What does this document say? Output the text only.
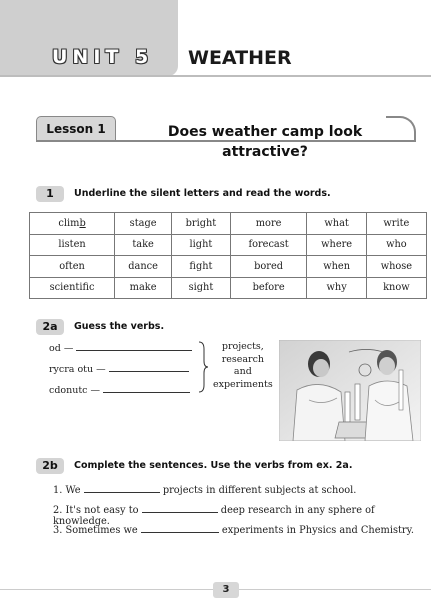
UNIT 5 WEATHER
Lesson 1	Does weather camp look attractive?
1	Underline the silent letters and read the words.
climb	stage	bright	more	what	write
listen	take	light	forecast	where	who
often	dance	fight	bored	when	whose
scientific	make	sight	before	why	know
2a	Guess the verbs.
od —
rycra otu —
cdonutc —
projects,
research
and
experiments
2b	Complete the sentences. Use the verbs from ex. 2a.
1. We	projects in different subjects at school.
2. It's not easy to	deep research in any sphere of knowledge.
3. Sometimes we	experiments in Physics and Chemistry.
3
